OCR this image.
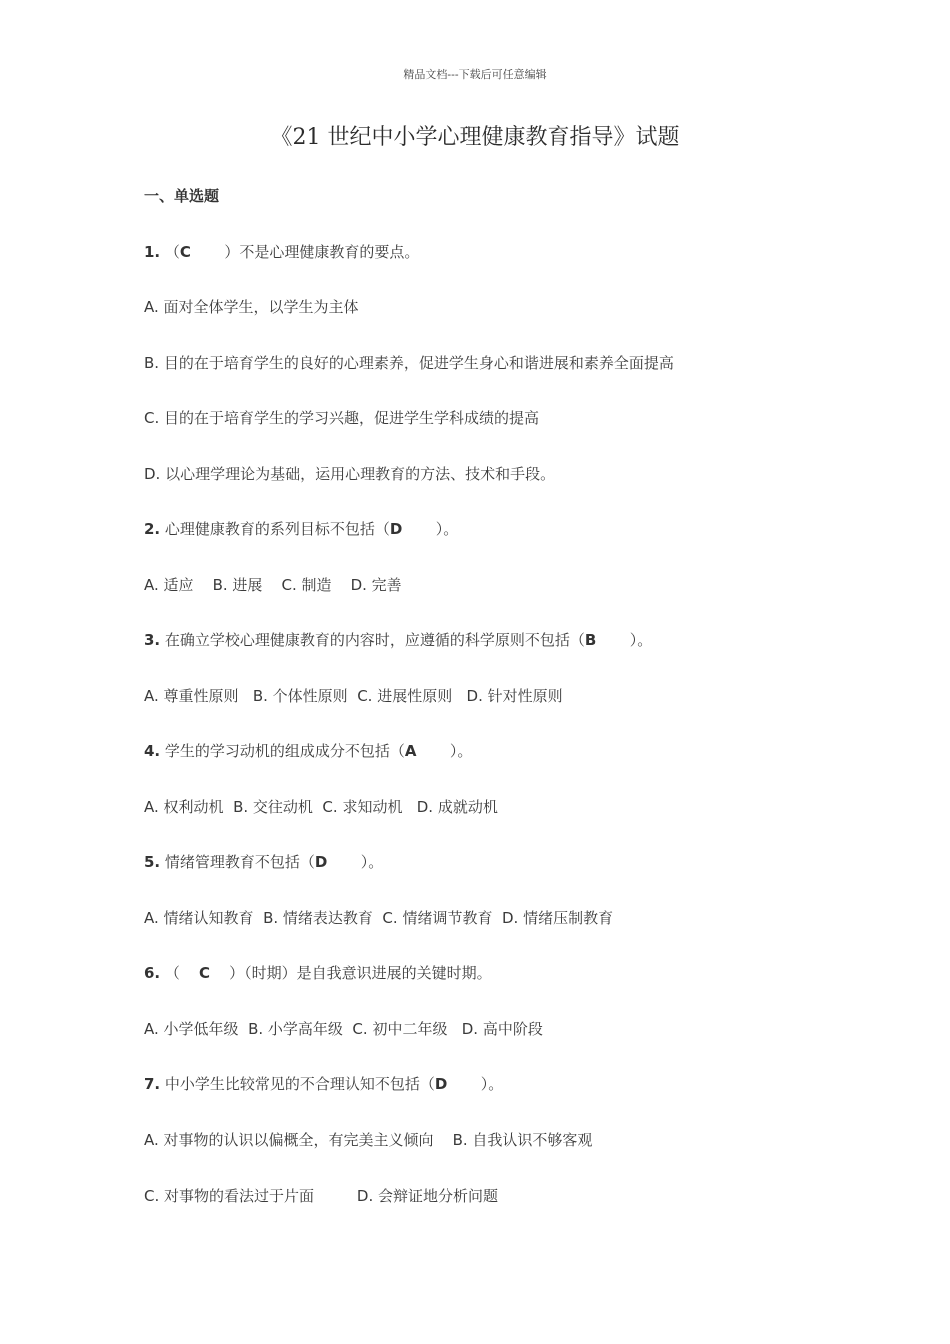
精品文档---下载后可任意编辑
《21 世纪中小学心理健康教育指导》试题
一、单选题
1. （C       ）不是心理健康教育的要点。
A. 面对全体学生，以学生为主体
B. 目的在于培育学生的良好的心理素养，促进学生身心和谐进展和素养全面提高
C. 目的在于培育学生的学习兴趣，促进学生学科成绩的提高
D. 以心理学理论为基础，运用心理教育的方法、技术和手段。
2. 心理健康教育的系列目标不包括（D       ）。
A. 适应    B. 进展    C. 制造    D. 完善
3. 在确立学校心理健康教育的内容时，应遵循的科学原则不包括（B       ）。
A. 尊重性原则   B. 个体性原则  C. 进展性原则   D. 针对性原则
4. 学生的学习动机的组成成分不包括（A       ）。
A. 权利动机  B. 交往动机  C. 求知动机   D. 成就动机
5. 情绪管理教育不包括（D       ）。
A. 情绪认知教育  B. 情绪表达教育  C. 情绪调节教育  D. 情绪压制教育
6. （    C    ）（时期）是自我意识进展的关键时期。
A. 小学低年级  B. 小学高年级  C. 初中二年级   D. 高中阶段
7. 中小学生比较常见的不合理认知不包括（D       ）。
A. 对事物的认识以偏概全，有完美主义倾向    B. 自我认识不够客观
C. 对事物的看法过于片面         D. 会辩证地分析问题
